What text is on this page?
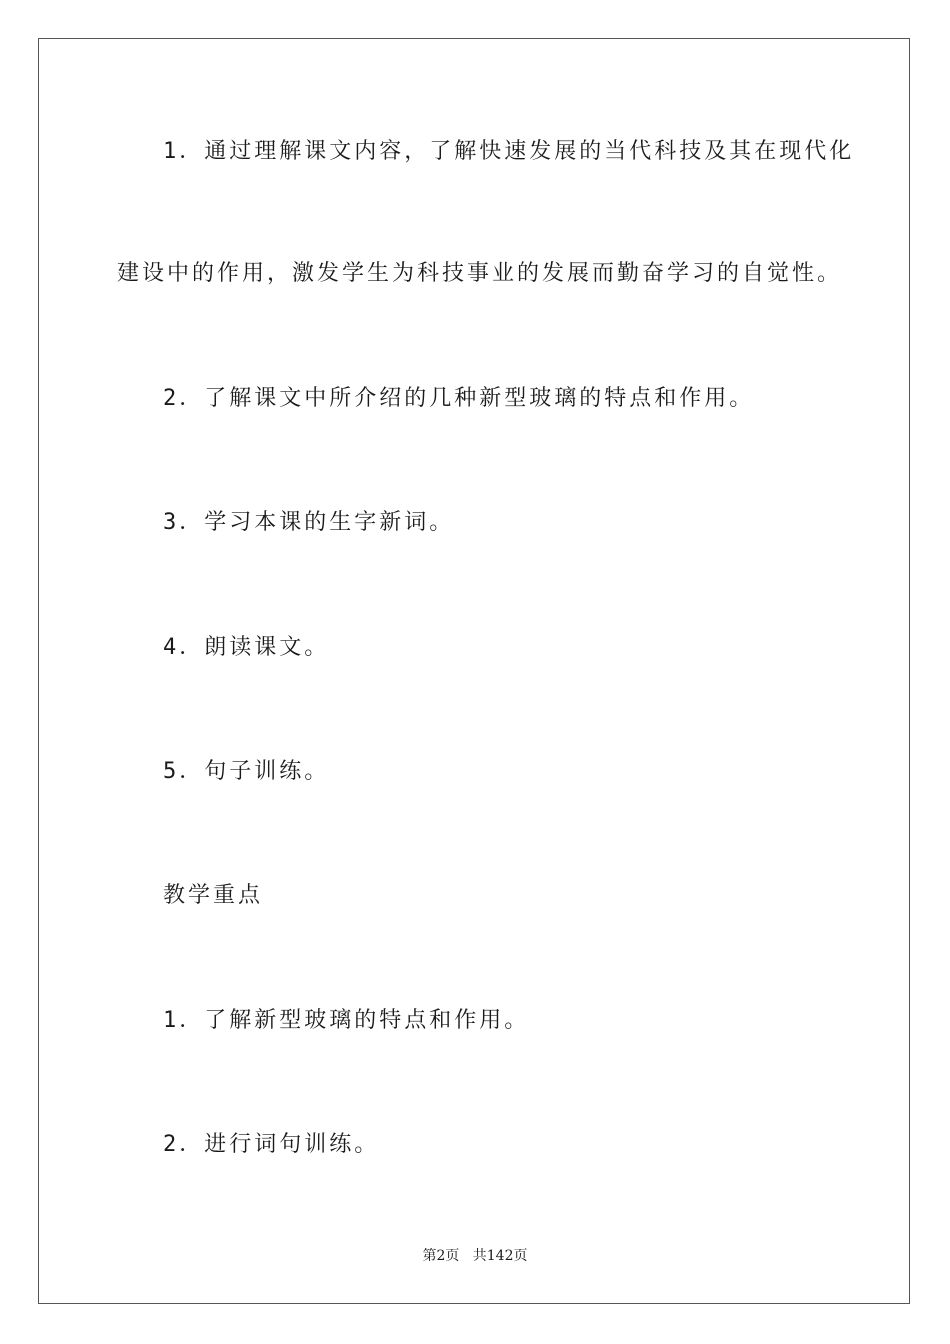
1．通过理解课文内容，了解快速发展的当代科技及其在现代化
建设中的作用，激发学生为科技事业的发展而勤奋学习的自觉性。
2．了解课文中所介绍的几种新型玻璃的特点和作用。
3．学习本课的生字新词。
4．朗读课文。
5．句子训练。
教学重点
1．了解新型玻璃的特点和作用。
2．进行词句训练。
第2页   共142页
